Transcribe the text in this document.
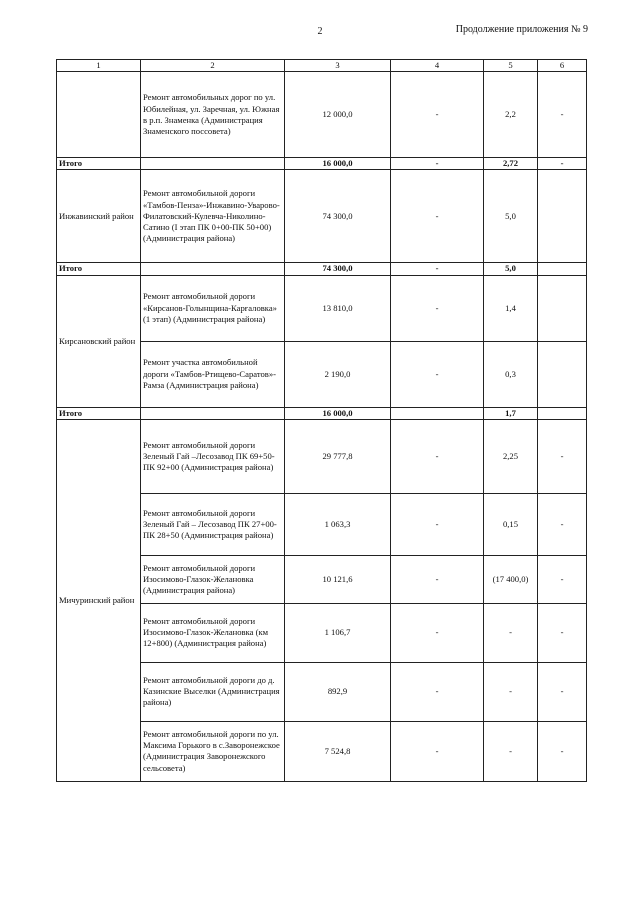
2	Продолжение приложения № 9
1	2	3	4	5	6
	Ремонт автомобильных дорог по ул. Юбилейная, ул. Заречная, ул. Южная в р.п. Знаменка (Администрация Знаменского поссовета)	12 000,0	-	2,2	-
Итого		16 000,0	-	2,72	-
Инжавинский район	Ремонт автомобильной дороги «Тамбов-Пенза»-Инжавино-Уварово-Филатовский-Кулевча-Николино-Сатино (I этап ПК 0+00-ПК 50+00) (Администрация района)	74 300,0	-	5,0	
Итого		74 300,0	-	5,0	
Кирсановский район	Ремонт автомобильной дороги «Кирсанов-Голынщина-Карғаловка» (1 этап) (Администрация района)	13 810,0	-	1,4	
	Ремонт участка автомобильной дороги «Тамбов-Ртищево-Саратов»-Рамза (Администрация района)	2 190,0	-	0,3	
Итого		16 000,0		1,7	
Мичуринский район	Ремонт автомобильной дороги Зеленый Гай –Лесозавод ПК 69+50-ПК 92+00 (Администрация района)	29 777,8	-	2,25	-
	Ремонт автомобильной дороги Зеленый Гай – Лесозавод ПК 27+00-ПК 28+50 (Администрация района)	1 063,3	-	0,15	-
	Ремонт автомобильной дороги Изосимово-Глазок-Желановка (Администрация района)	10 121,6	-	(17 400,0)	-
	Ремонт автомобильной дороги Изосимово-Глазок-Желановка (км 12+800) (Администрация района)	1 106,7	-	-	-
	Ремонт автомобильной дороги до д. Казинские Выселки (Администрация района)	892,9	-	-	-
	Ремонт автомобильной дороги по ул. Максима Горького в с.Заворонежское (Администрация Заворонежского сельсовета)	7 524,8	-	-	-
